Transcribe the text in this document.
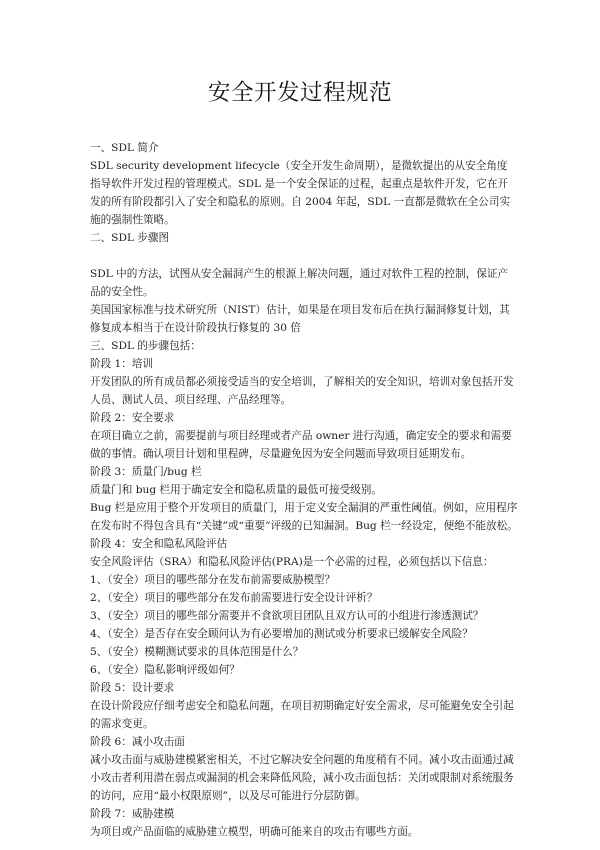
安全开发过程规范

一、SDL 简介

SDL security development lifecycle（安全开发生命周期），是微软提出的从安全角度指导软件开发过程的管理模式。SDL 是一个安全保证的过程，起重点是软件开发，它在开发的所有阶段都引入了安全和隐私的原则。自 2004 年起，SDL 一直都是微软在全公司实施的强制性策略。

二、SDL 步骤图

SDL 中的方法，试图从安全漏洞产生的根源上解决问题，通过对软件工程的控制，保证产品的安全性。

美国国家标准与技术研究所（NIST）估计，如果是在项目发布后在执行漏洞修复计划，其修复成本相当于在设计阶段执行修复的 30 倍

三、SDL 的步骤包括：

阶段 1：培训

开发团队的所有成员都必须接受适当的安全培训，了解相关的安全知识，培训对象包括开发人员、测试人员、项目经理、产品经理等。

阶段 2：安全要求

在项目确立之前，需要提前与项目经理或者产品 owner 进行沟通，确定安全的要求和需要做的事情。确认项目计划和里程碑，尽量避免因为安全问题而导致项目延期发布。

阶段 3：质量门/bug 栏

质量门和 bug 栏用于确定安全和隐私质量的最低可接受级别。

Bug 栏是应用于整个开发项目的质量门，用于定义安全漏洞的严重性阈值。例如，应用程序在发布时不得包含具有“关键”或“重要”评级的已知漏洞。Bug 栏一经设定，便绝不能放松。

阶段 4：安全和隐私风险评估

安全风险评估（SRA）和隐私风险评估(PRA)是一个必需的过程，必须包括以下信息：

1、（安全）项目的哪些部分在发布前需要威胁模型？

2、（安全）项目的哪些部分在发布前需要进行安全设计评析？

3、（安全）项目的哪些部分需要并不食欲项目团队且双方认可的小组进行渗透测试？

4、（安全）是否存在安全顾问认为有必要增加的测试或分析要求已缓解安全风险？

5、（安全）模糊测试要求的具体范围是什么？

6、（安全）隐私影响评级如何？

阶段 5：设计要求

在设计阶段应仔细考虑安全和隐私问题，在项目初期确定好安全需求，尽可能避免安全引起的需求变更。

阶段 6：减小攻击面

减小攻击面与威胁建模紧密相关，不过它解决安全问题的角度稍有不同。减小攻击面通过减小攻击者利用潜在弱点或漏洞的机会来降低风险，减小攻击面包括：关闭或限制对系统服务的访问，应用“最小权限原则”，以及尽可能进行分层防御。

阶段 7：威胁建模

为项目或产品面临的威胁建立模型，明确可能来自的攻击有哪些方面。
